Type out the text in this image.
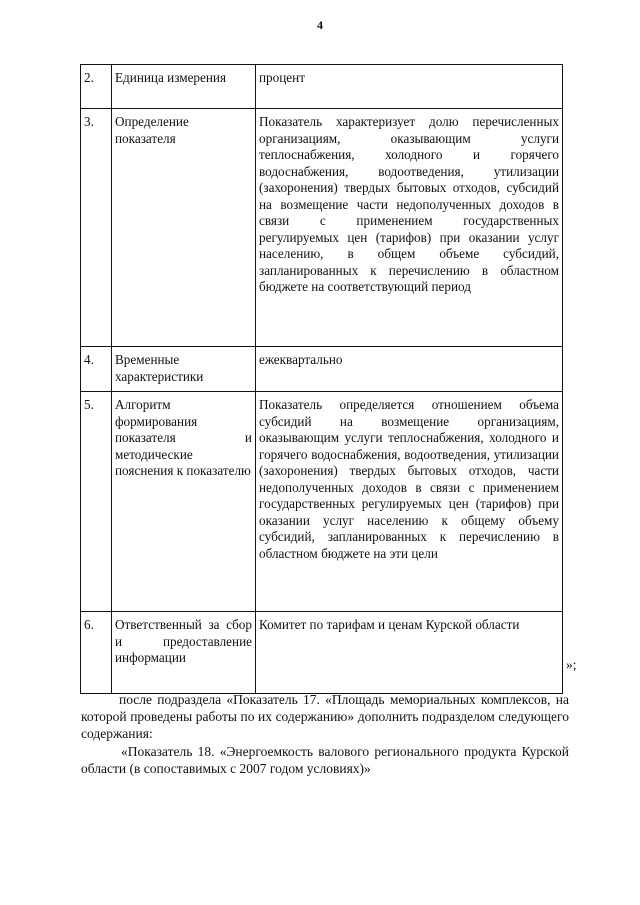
4
2.	Единица измерения	процент
3.	Определение показателя	Показатель характеризует долю перечисленных организациям, оказывающим услуги теплоснабжения, холодного и горячего водоснабжения, водоотведения, утилизации (захоронения) твердых бытовых отходов, субсидий на возмещение части недополученных доходов в связи с применением государственных регулируемых цен (тарифов) при оказании услуг населению, в общем объеме субсидий, запланированных к перечислению в областном бюджете на соответствующий период
4.	Временные характеристики	ежеквартально
5.	Алгоритм формирования показателя и методические пояснения к показателю	Показатель определяется отношением объема субсидий на возмещение организациям, оказывающим услуги теплоснабжения, холодного и горячего водоснабжения, водоотведения, утилизации (захоронения) твердых бытовых отходов, части недополученных доходов в связи с применением государственных регулируемых цен (тарифов) при оказании услуг населению к общему объему субсидий, запланированных к перечислению в областном бюджете на эти цели
6.	Ответственный за сбор и предоставление информации	Комитет по тарифам и ценам Курской области
»;
после подраздела «Показатель 17. «Площадь мемориальных комплексов, на которой проведены работы по их содержанию» дополнить подразделом следующего содержания:
«Показатель 18. «Энергоемкость валового регионального продукта Курской области (в сопоставимых с 2007 годом условиях)»
